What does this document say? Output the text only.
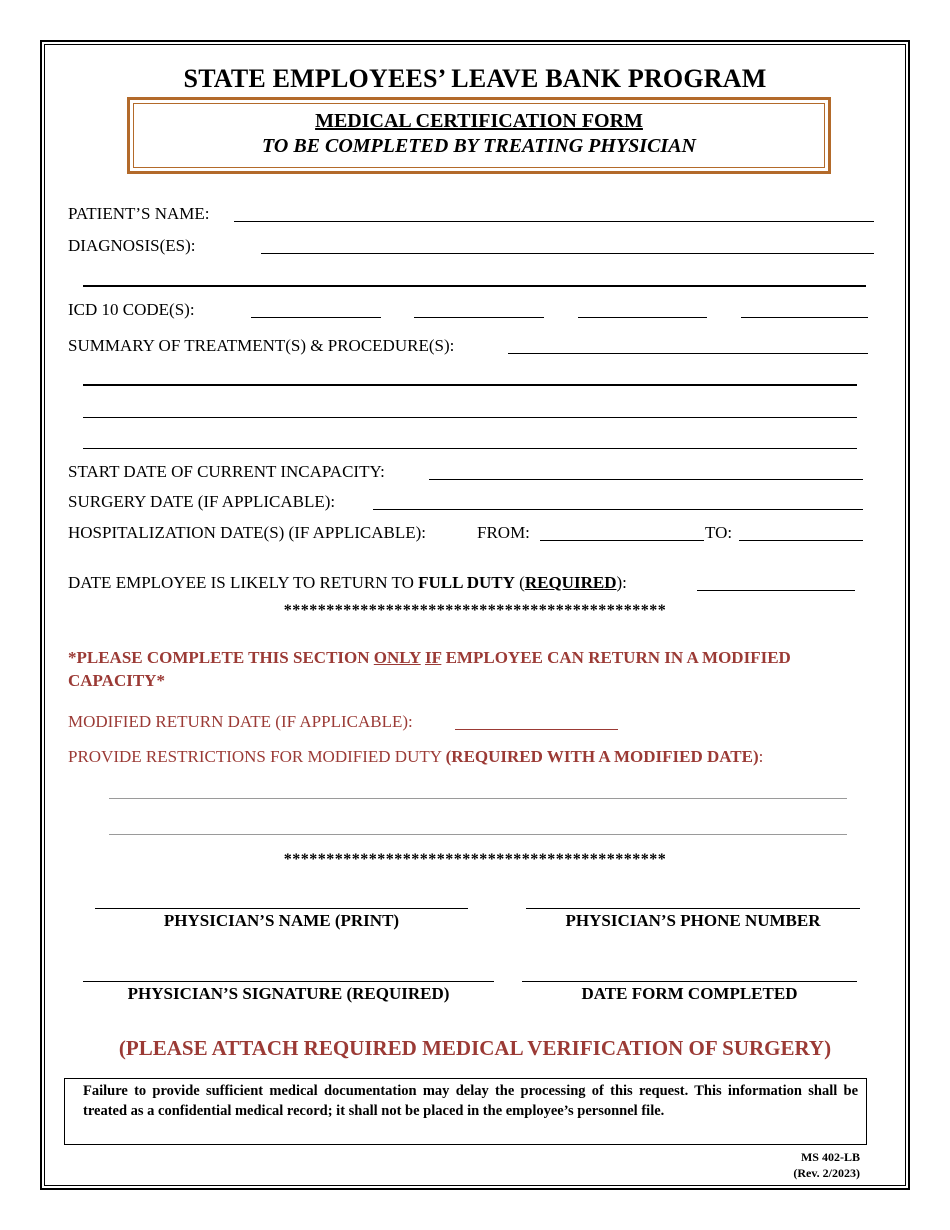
STATE EMPLOYEES’ LEAVE BANK PROGRAM
MEDICAL CERTIFICATION FORM
TO BE COMPLETED BY TREATING PHYSICIAN
PATIENT’S NAME:
DIAGNOSIS(ES):
ICD 10 CODE(S):
SUMMARY OF TREATMENT(S) & PROCEDURE(S):
START DATE OF CURRENT INCAPACITY:
SURGERY DATE (IF APPLICABLE):
HOSPITALIZATION DATE(S) (IF APPLICABLE):	FROM:	TO:
DATE EMPLOYEE IS LIKELY TO RETURN TO FULL DUTY (REQUIRED):
*********************************************
*PLEASE COMPLETE THIS SECTION ONLY IF EMPLOYEE CAN RETURN IN A MODIFIED
CAPACITY*
MODIFIED RETURN DATE (IF APPLICABLE):
PROVIDE RESTRICTIONS FOR MODIFIED DUTY (REQUIRED WITH A MODIFIED DATE):
*********************************************
PHYSICIAN’S NAME (PRINT)	PHYSICIAN’S PHONE NUMBER
PHYSICIAN’S SIGNATURE (REQUIRED)	DATE FORM COMPLETED
(PLEASE ATTACH REQUIRED MEDICAL VERIFICATION OF SURGERY)
Failure to provide sufficient medical documentation may delay the processing of this request. This information shall be treated as a confidential medical record; it shall not be placed in the employee’s personnel file.
MS 402-LB
(Rev. 2/2023)
